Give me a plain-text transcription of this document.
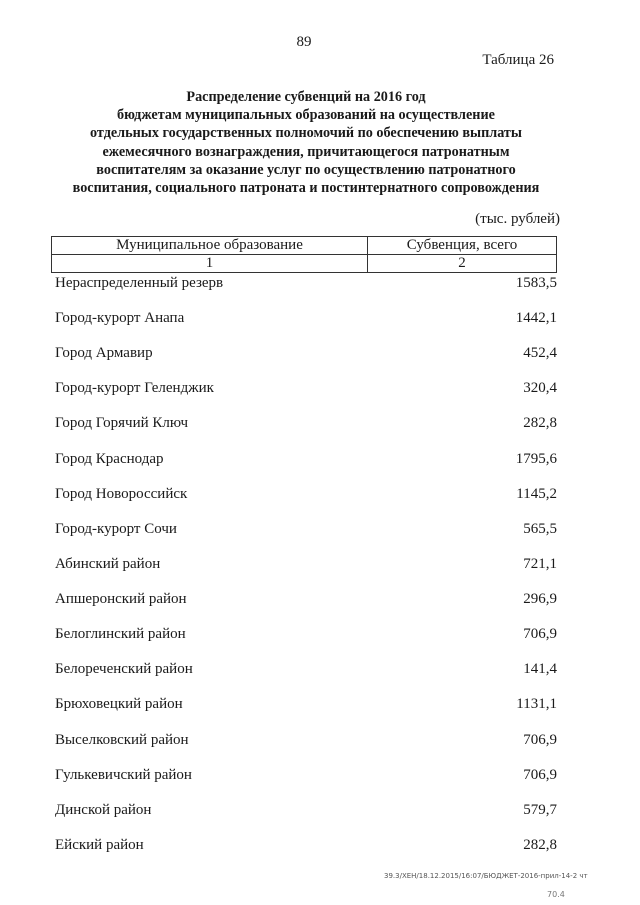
89
Таблица 26
Распределение субвенций на 2016 год
бюджетам муниципальных образований на осуществление
отдельных государственных полномочий по обеспечению выплаты
ежемесячного вознаграждения, причитающегося патронатным
воспитателям за оказание услуг по осуществлению патронатного
воспитания, социального патроната и постинтернатного сопровождения
(тыс. рублей)
Муниципальное образование	Субвенция, всего
1	2
Нераспределенный резерв	1583,5
Город-курорт Анапа	1442,1
Город Армавир	452,4
Город-курорт Геленджик	320,4
Город Горячий Ключ	282,8
Город Краснодар	1795,6
Город Новороссийск	1145,2
Город-курорт Сочи	565,5
Абинский район	721,1
Апшеронский район	296,9
Белоглинский район	706,9
Белореченский район	141,4
Брюховецкий район	1131,1
Выселковский район	706,9
Гулькевичский район	706,9
Динской район	579,7
Ейский район	282,8
39.3/ХЕН/18.12.2015/16:07/БЮДЖЕТ-2016-прил-14-2 чт
70.4
